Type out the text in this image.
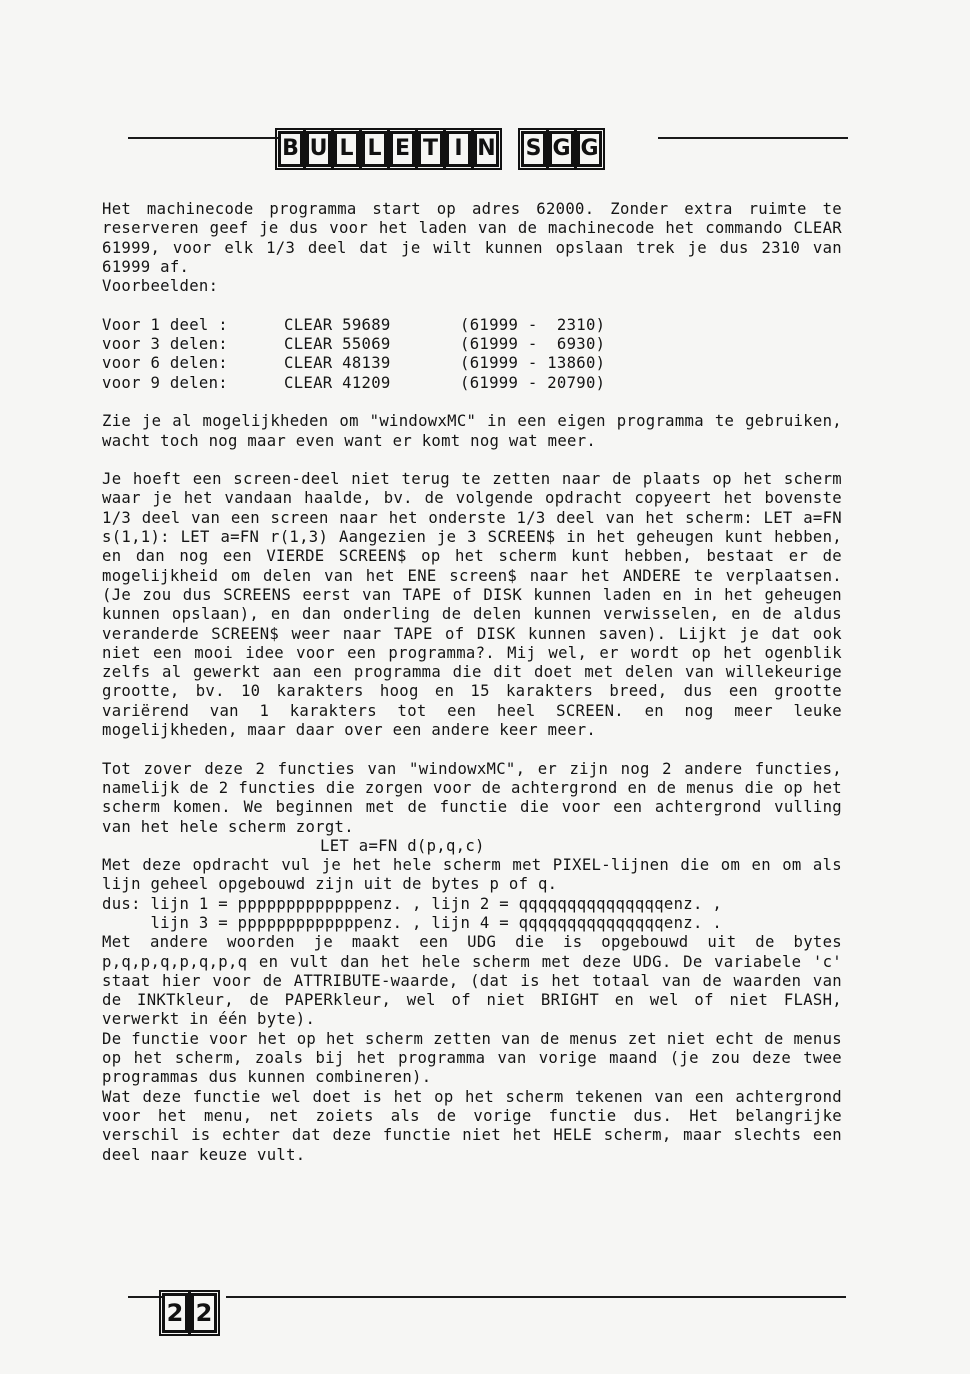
B U L L E T I N S G G

Het machinecode programma start op adres 62000. Zonder extra ruimte te reserveren geef je dus voor het laden van de machinecode het commando CLEAR 61999, voor elk 1/3 deel dat je wilt kunnen opslaan trek je dus 2310 van 61999 af.

Voorbeelden:

Voor 1 deel :	CLEAR 59689	(61999 -  2310)
voor 3 delen:	CLEAR 55069	(61999 -  6930)
voor 6 delen:	CLEAR 48139	(61999 - 13860)
voor 9 delen:	CLEAR 41209	(61999 - 20790)

Zie je al mogelijkheden om "windowxMC" in een eigen programma te gebruiken, wacht toch nog maar even want er komt nog wat meer.

Je hoeft een screen-deel niet terug te zetten naar de plaats op het scherm waar je het vandaan haalde, bv. de volgende opdracht copyeert het bovenste 1/3 deel van een screen naar het onderste 1/3 deel van het scherm: LET a=FN s(1,1): LET a=FN r(1,3) Aangezien je 3 SCREEN$ in het geheugen kunt hebben, en dan nog een VIERDE SCREEN$ op het scherm kunt hebben, bestaat er de mogelijkheid om delen van het ENE screen$ naar het ANDERE te verplaatsen. (Je zou dus SCREENS eerst van TAPE of DISK kunnen laden en in het geheugen kunnen opslaan), en dan onderling de delen kunnen verwisselen, en de aldus veranderde SCREEN$ weer naar TAPE of DISK kunnen saven). Lijkt je dat ook niet een mooi idee voor een programma?. Mij wel, er wordt op het ogenblik zelfs al gewerkt aan een programma die dit doet met delen van willekeurige grootte, bv. 10 karakters hoog en 15 karakters breed, dus een grootte variërend van 1 karakters tot een heel SCREEN. en nog meer leuke mogelijkheden, maar daar over een andere keer meer.

Tot zover deze 2 functies van "windowxMC", er zijn nog 2 andere functies, namelijk de 2 functies die zorgen voor de achtergrond en de menus die op het scherm komen. We beginnen met de functie die voor een achtergrond vulling van het hele scherm zorgt.

LET a=FN d(p,q,c)

Met deze opdracht vul je het hele scherm met PIXEL-lijnen die om en om als lijn geheel opgebouwd zijn uit de bytes p of q.

dus: lijn 1 = pppppppppppppenz. , lijn 2 = qqqqqqqqqqqqqqqenz. ,
lijn 3 = pppppppppppppenz. , lijn 4 = qqqqqqqqqqqqqqqenz. .

Met andere woorden je maakt een UDG die is opgebouwd uit de bytes p,q,p,q,p,q,p,q en vult dan het hele scherm met deze UDG. De variabele 'c' staat hier voor de ATTRIBUTE-waarde, (dat is het totaal van de waarden van de INKTkleur, de PAPERkleur, wel of niet BRIGHT en wel of niet FLASH, verwerkt in één byte).

De functie voor het op het scherm zetten van de menus zet niet echt de menus op het scherm, zoals bij het programma van vorige maand (je zou deze twee programmas dus kunnen combineren).

Wat deze functie wel doet is het op het scherm tekenen van een achtergrond voor het menu, net zoiets als de vorige functie dus. Het belangrijke verschil is echter dat deze functie niet het HELE scherm, maar slechts een deel naar keuze vult.

2 2
